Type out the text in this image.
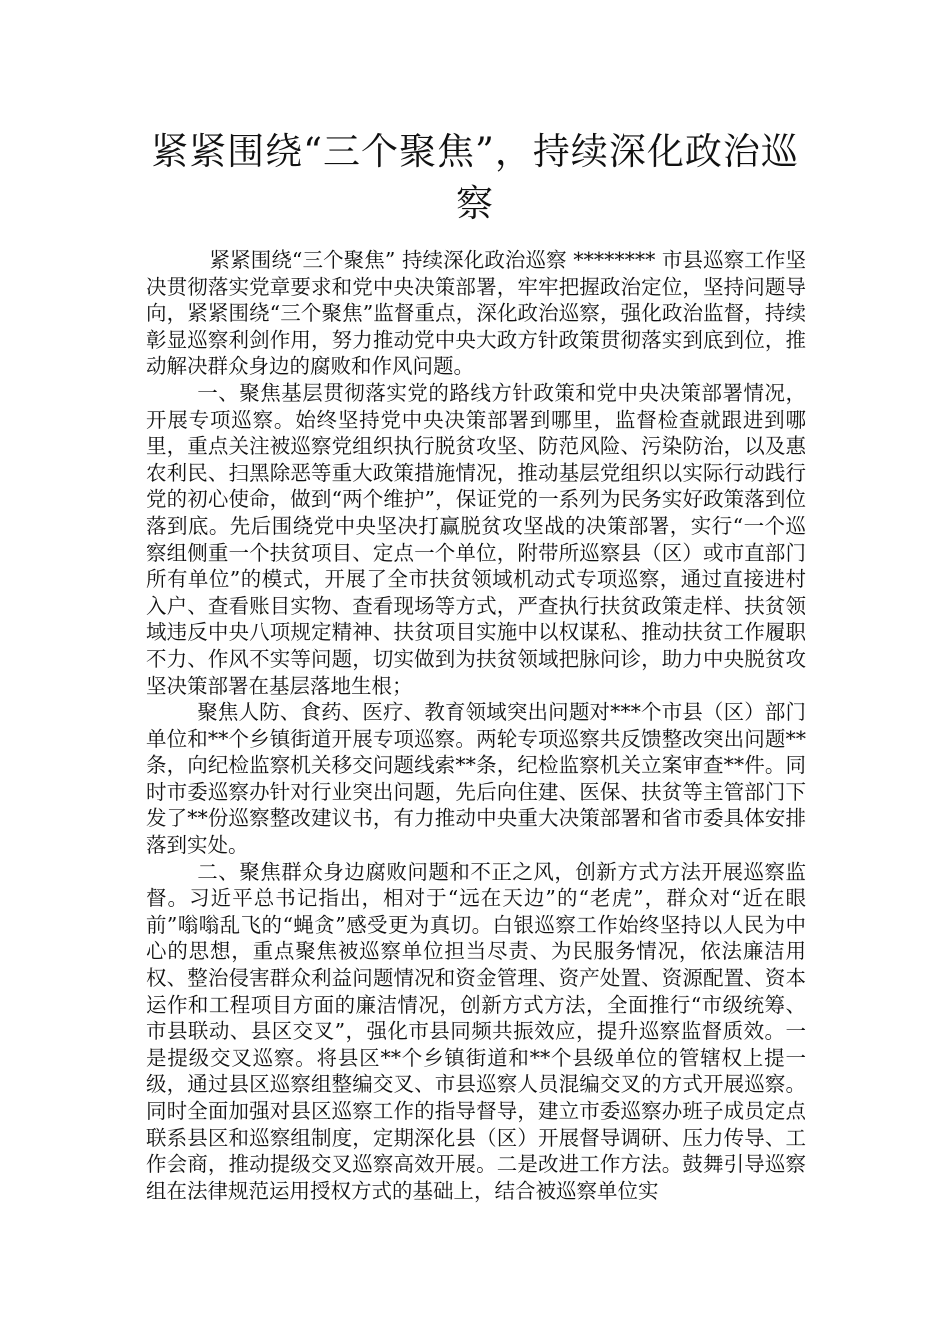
紧紧围绕“三个聚焦”，持续深化政治巡察

紧紧围绕“三个聚焦” 持续深化政治巡察 ******** 市县巡察工作坚决贯彻落实党章要求和党中央决策部署，牢牢把握政治定位，坚持问题导向，紧紧围绕“三个聚焦”监督重点，深化政治巡察，强化政治监督，持续彰显巡察利剑作用，努力推动党中央大政方针政策贯彻落实到底到位，推动解决群众身边的腐败和作风问题。

一、聚焦基层贯彻落实党的路线方针政策和党中央决策部署情况，开展专项巡察。始终坚持党中央决策部署到哪里，监督检查就跟进到哪里，重点关注被巡察党组织执行脱贫攻坚、防范风险、污染防治，以及惠农利民、扫黑除恶等重大政策措施情况，推动基层党组织以实际行动践行党的初心使命，做到“两个维护”，保证党的一系列为民务实好政策落到位落到底。先后围绕党中央坚决打赢脱贫攻坚战的决策部署，实行“一个巡察组侧重一个扶贫项目、定点一个单位，附带所巡察县（区）或市直部门所有单位”的模式，开展了全市扶贫领域机动式专项巡察，通过直接进村入户、查看账目实物、查看现场等方式，严查执行扶贫政策走样、扶贫领域违反中央八项规定精神、扶贫项目实施中以权谋私、推动扶贫工作履职不力、作风不实等问题，切实做到为扶贫领域把脉问诊，助力中央脱贫攻坚决策部署在基层落地生根；

聚焦人防、食药、医疗、教育领域突出问题对***个市县（区）部门单位和**个乡镇街道开展专项巡察。两轮专项巡察共反馈整改突出问题**条，向纪检监察机关移交问题线索**条，纪检监察机关立案审查**件。同时市委巡察办针对行业突出问题，先后向住建、医保、扶贫等主管部门下发了**份巡察整改建议书，有力推动中央重大决策部署和省市委具体安排落到实处。

二、聚焦群众身边腐败问题和不正之风，创新方式方法开展巡察监督。习近平总书记指出，相对于“远在天边”的“老虎”，群众对“近在眼前”嗡嗡乱飞的“蝇贪”感受更为真切。白银巡察工作始终坚持以人民为中心的思想，重点聚焦被巡察单位担当尽责、为民服务情况，依法廉洁用权、整治侵害群众利益问题情况和资金管理、资产处置、资源配置、资本运作和工程项目方面的廉洁情况，创新方式方法，全面推行“市级统筹、市县联动、县区交叉”，强化市县同频共振效应，提升巡察监督质效。一是提级交叉巡察。将县区**个乡镇街道和**个县级单位的管辖权上提一级，通过县区巡察组整编交叉、市县巡察人员混编交叉的方式开展巡察。同时全面加强对县区巡察工作的指导督导，建立市委巡察办班子成员定点联系县区和巡察组制度，定期深化县（区）开展督导调研、压力传导、工作会商，推动提级交叉巡察高效开展。二是改进工作方法。鼓舞引导巡察组在法律规范运用授权方式的基础上，结合被巡察单位实
